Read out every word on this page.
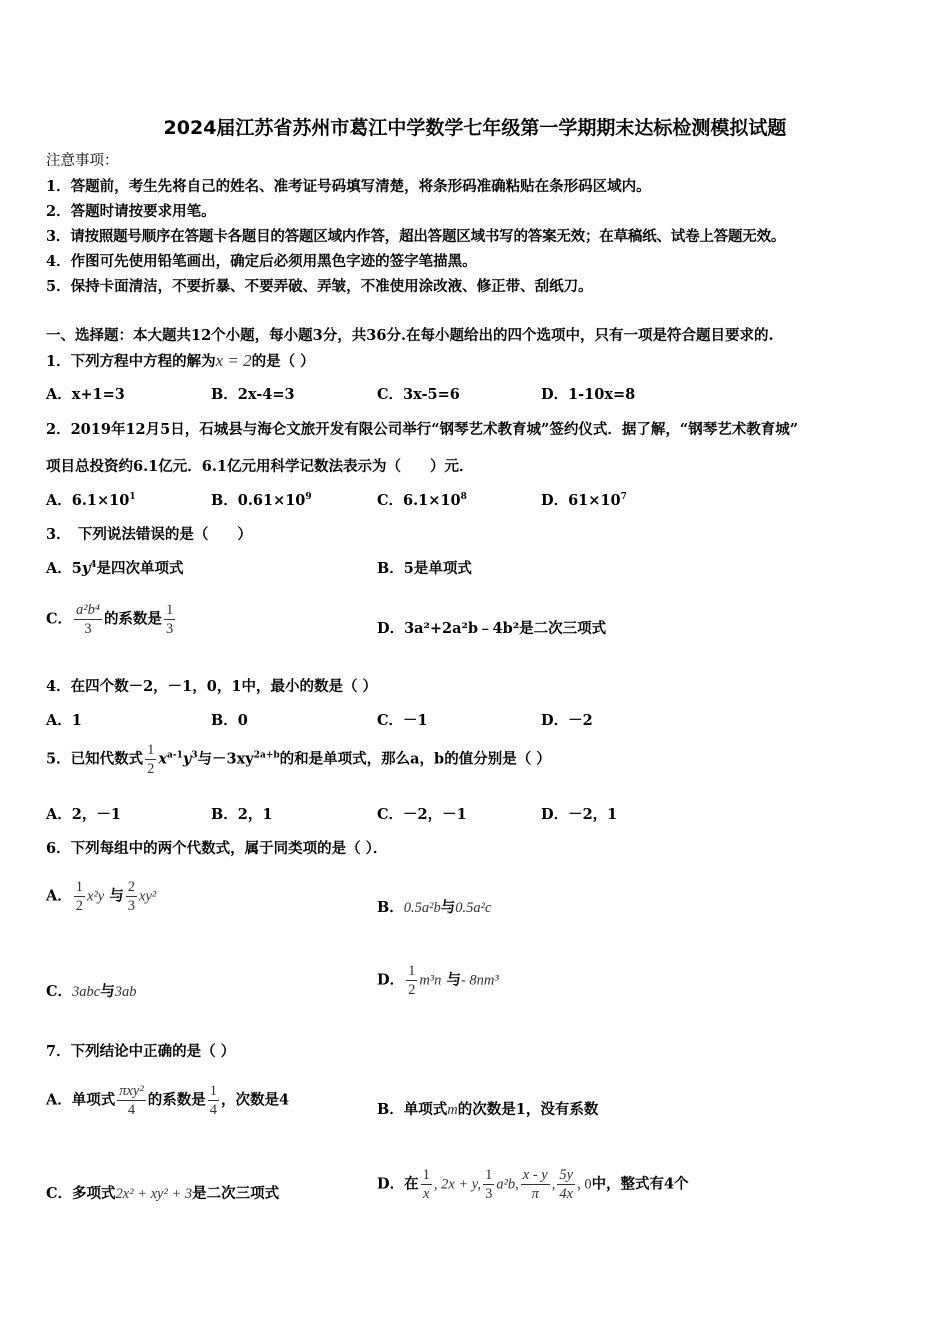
2024届江苏省苏州市葛江中学数学七年级第一学期期末达标检测模拟试题
注意事项：
1．答题前，考生先将自己的姓名、准考证号码填写清楚，将条形码准确粘贴在条形码区域内。
2．答题时请按要求用笔。
3．请按照题号顺序在答题卡各题目的答题区域内作答，超出答题区域书写的答案无效；在草稿纸、试卷上答题无效。
4．作图可先使用铅笔画出，确定后必须用黑色字迹的签字笔描黑。
5．保持卡面清洁，不要折暴、不要弄破、弄皱，不准使用涂改液、修正带、刮纸刀。
一、选择题：本大题共12个小题，每小题3分，共36分.在每小题给出的四个选项中，只有一项是符合题目要求的.
1．下列方程中方程的解为x = 2的是（ ）
A．x+1=3	B．2x-4=3	C．3x-5=6	D．1-10x=8
2．2019年12月5日，石城县与海仑文旅开发有限公司举行“钢琴艺术教育城”签约仪式．据了解，“钢琴艺术教育城”
项目总投资约6.1亿元．6.1亿元用科学记数法表示为（　　）元．
A．$6.1\times 10^1$	B．$0.61\times 10^9$	C．$6.1\times 10^8$	D．$61\times 10^7$
3．　下列说法错误的是（　　）
A．$5y^4$是四次单项式	B．5是单项式
C． $\frac{\text{a²b⁴}}{3}$ 的系数是 $\frac{1}{3}$	D．3a²+2a²b﹣4b²是二次三项式
4．在四个数－2，－1，0，1中，最小的数是（ ）
A．1	B．0	C．－1	D．－2
5．已知代数式 $\frac{1}{2} x^{a-1}y^3$与$-3xy^{2a+b}$的和是单项式，那么a，b的值分别是（ ）
A．2，－1	B．2，1	C．－2，－1	D．－2，1
6．下列每组中的两个代数式，属于同类项的是（ ）．
A． $\frac{1}{2} x^2y$ 与 $\frac{2}{3} xy^2$
B．0.5a²b与0.5a²c
C．3abc与3ab
D． $\frac{1}{2} m^3n$ 与- 8nm³
7．下列结论中正确的是（ ）
A．单项式
πxy²
4
的系数是 $\frac{1}{4}$ ，次数是4
B．单项式m的次数是1，没有系数
C．多项式2x² + xy² + 3是二次三项式
D．在 $\frac{1}{x}$ , 2x + y, $\frac{1}{3} a^2b$, $\frac{x - y}{\pi}$ , $\frac{5y}{4x}$ , 0中，整式有4个
